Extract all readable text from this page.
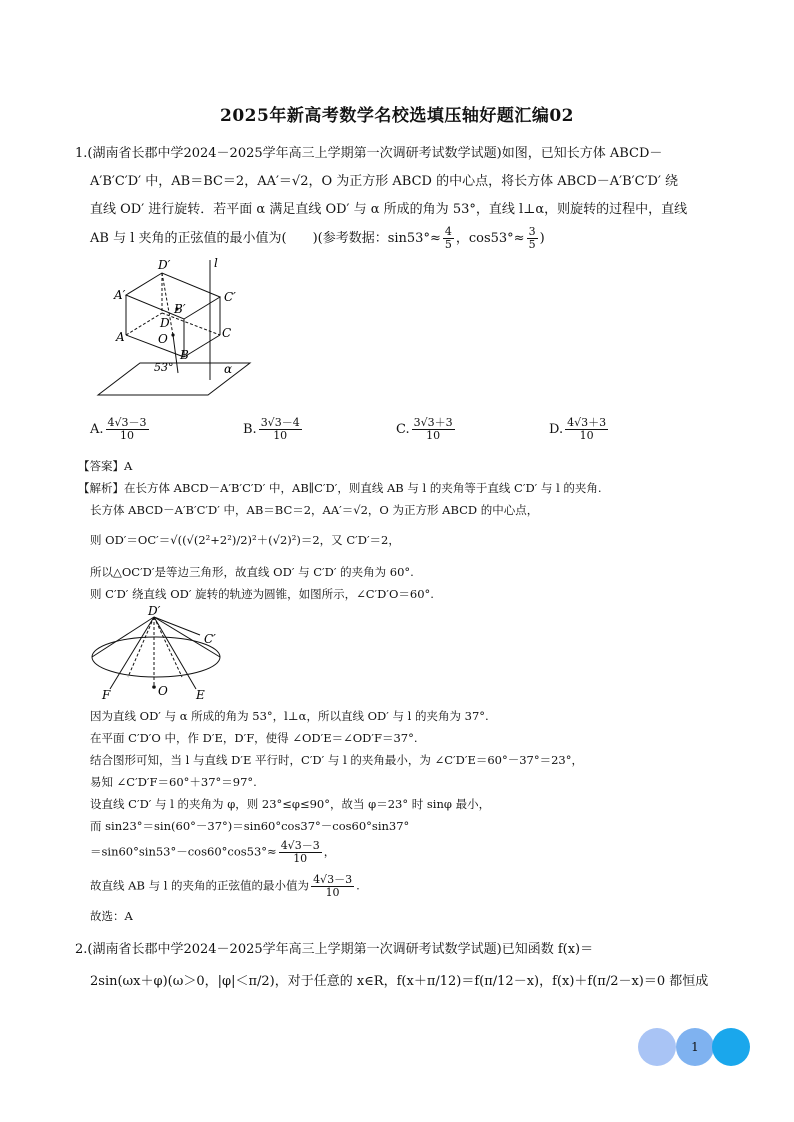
2025年新高考数学名校选填压轴好题汇编02
1.(湖南省长郡中学2024－2025学年高三上学期第一次调研考试数学试题)如图，已知长方体 ABCD－
A′B′C′D′ 中，AB＝BC＝2，AA′＝√2，O 为正方形 ABCD 的中心点，将长方体 ABCD－A′B′C′D′ 绕
直线 OD′ 进行旋转．若平面 α 满足直线 OD′ 与 α 所成的角为 53°，直线 l⊥α，则旋转的过程中，直线
AB 与 l 夹角的正弦值的最小值为(　　)(参考数据：$\sin 53^\circ\approx \frac{4}{5}$ ，$\cos 53^\circ\approx \frac{3}{5}$ )
D′	l
A′
B′
C′
D
O
A	C
B
53°	α
A. $\frac{4√3-3}{10}$	B. $\frac{3√3-4}{10}$	C. $\frac{3√3+3}{10}$	D. $\frac{4√3+3}{10}$
【答案】A
【解析】在长方体 ABCD－A′B′C′D′ 中，AB∥C′D′，则直线 AB 与 l 的夹角等于直线 C′D′ 与 l 的夹角.
长方体 ABCD－A′B′C′D′ 中，AB＝BC＝2，AA′＝√2，O 为正方形 ABCD 的中心点，
则 OD′＝OC′＝√((√(2²+2²)/2)²＋(√2)²)＝2，又 C′D′＝2，
所以△OC′D′是等边三角形，故直线 OD′ 与 C′D′ 的夹角为 60°.
则 C′D′ 绕直线 OD′ 旋转的轨迹为圆锥，如图所示，∠C′D′O＝60°.
D′
C′
F	O E
因为直线 OD′ 与 α 所成的角为 53°，l⊥α，所以直线 OD′ 与 l 的夹角为 37°.
在平面 C′D′O 中，作 D′E，D′F，使得 ∠OD′E＝∠OD′F＝37°.
结合图形可知，当 l 与直线 D′E 平行时，C′D′ 与 l 的夹角最小，为 ∠C′D′E＝60°－37°＝23°，
易知 ∠C′D′F＝60°＋37°＝97°.
设直线 C′D′ 与 l 的夹角为 φ，则 23°≤φ≤90°，故当 φ＝23° 时 sinφ 最小，
而 sin23°＝sin(60°－37°)＝sin60°cos37°－cos60°sin37°
$=\sin 60^\circ\sin 53^\circ-\cos 60^\circ\cos 53^\circ\approx \frac{4√3-3}{10}$ ，
故直线 AB 与 l 的夹角的正弦值的最小值为 $\frac{4√3-3}{10}$ .
故选：A
2.(湖南省长郡中学2024－2025学年高三上学期第一次调研考试数学试题)已知函数 f(x)＝
2sin(ωx＋φ)(ω＞0，|φ|＜π/2)，对于任意的 x∈R，f(x＋π/12)＝f(π/12－x)，f(x)＋f(π/2－x)＝0 都恒成
1
